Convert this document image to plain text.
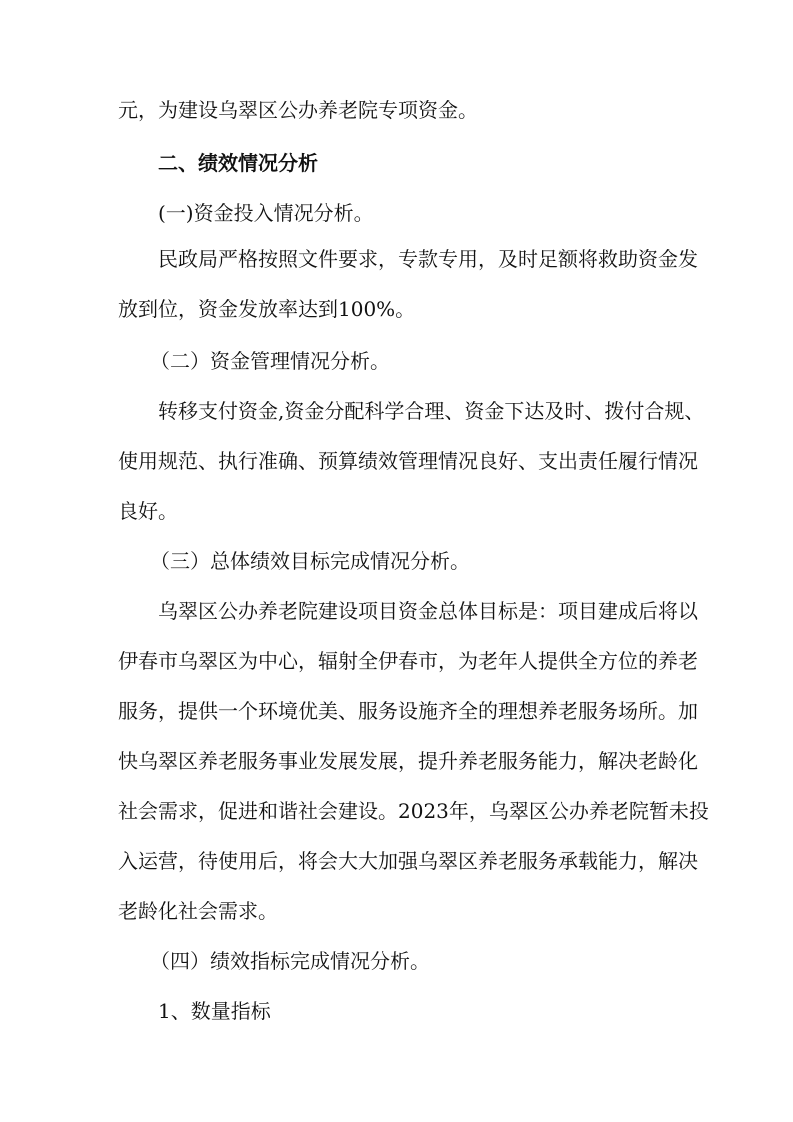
元，为建设乌翠区公办养老院专项资金。
二、绩效情况分析
(一)资金投入情况分析。
民政局严格按照文件要求，专款专用，及时足额将救助资金发
放到位，资金发放率达到100%。
（二）资金管理情况分析。
转移支付资金,资金分配科学合理、资金下达及时、拨付合规、
使用规范、执行准确、预算绩效管理情况良好、支出责任履行情况
良好。
（三）总体绩效目标完成情况分析。
乌翠区公办养老院建设项目资金总体目标是：项目建成后将以
伊春市乌翠区为中心，辐射全伊春市，为老年人提供全方位的养老
服务，提供一个环境优美、服务设施齐全的理想养老服务场所。加
快乌翠区养老服务事业发展发展，提升养老服务能力，解决老龄化
社会需求，促进和谐社会建设。2023年，乌翠区公办养老院暂未投
入运营，待使用后，将会大大加强乌翠区养老服务承载能力，解决
老龄化社会需求。
（四）绩效指标完成情况分析。
1、数量指标
